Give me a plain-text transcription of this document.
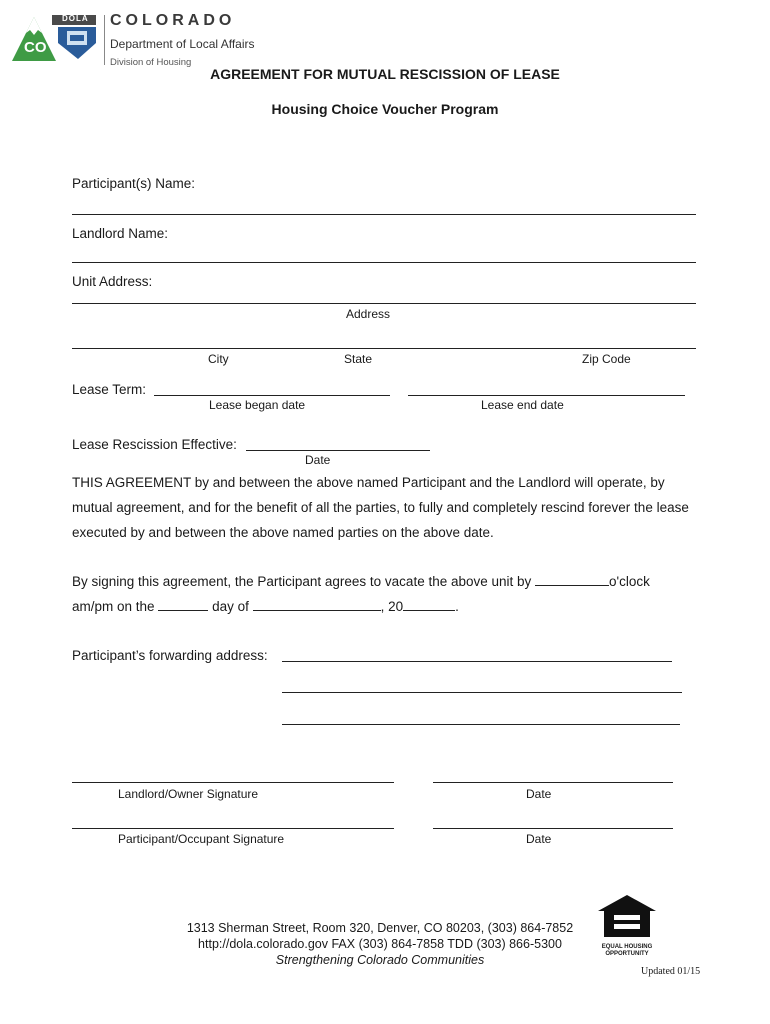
DOLA
CO
COLORADO
Department of Local Affairs
Division of Housing
AGREEMENT FOR MUTUAL RESCISSION OF LEASE
Housing Choice Voucher Program
Participant(s) Name:
Landlord Name:
Unit Address:
Address
City	State	Zip Code
Lease Term:
Lease began date	Lease end date
Lease Rescission Effective:
Date
THIS AGREEMENT by and between the above named Participant and the Landlord will operate, by mutual agreement, and for the benefit of all the parties, to fully and completely rescind forever the lease executed by and between the above named parties on the above date.
By signing this agreement, the Participant agrees to vacate the above unit by	o'clock
am/pm on the	day of	, 20	.
Participant’s forwarding address:
Landlord/Owner Signature	Date
Participant/Occupant Signature	Date
1313 Sherman Street, Room 320, Denver, CO 80203, (303) 864-7852
http://dola.colorado.gov FAX (303) 864-7858 TDD (303) 866-5300
Strengthening Colorado Communities
EQUAL HOUSING OPPORTUNITY
Updated 01/15
